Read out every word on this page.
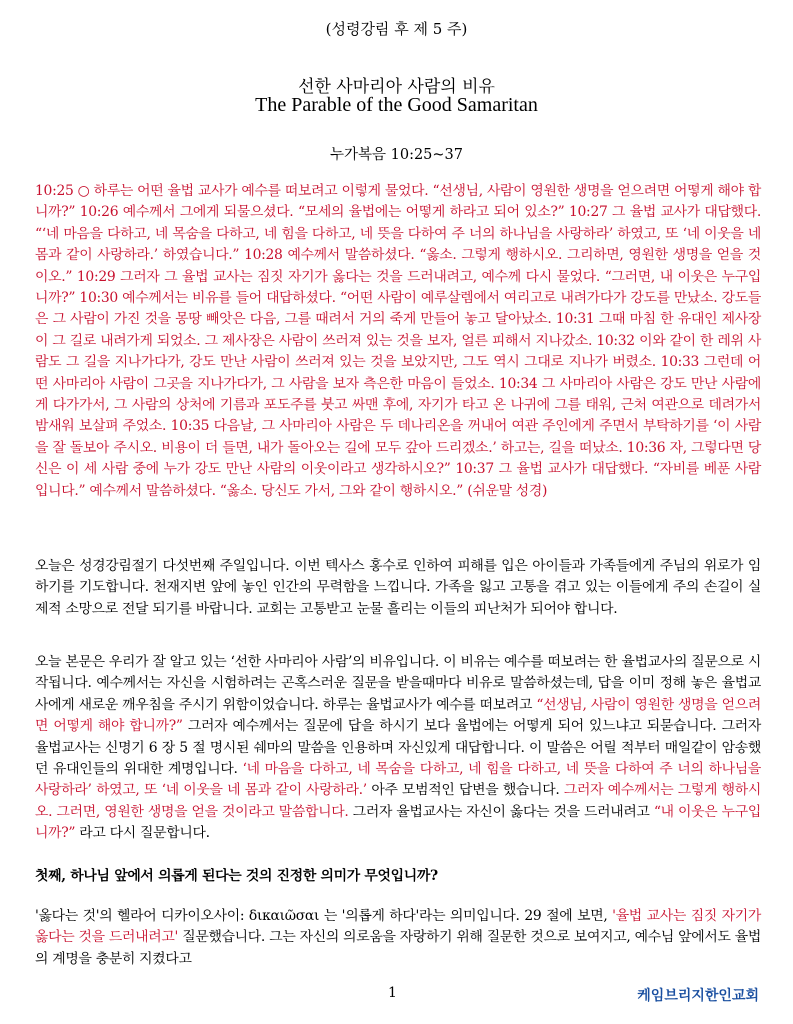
(성령강림 후 제 5 주)
선한 사마리아 사람의 비유
The Parable of the Good Samaritan
누가복음 10:25~37
10:25 ○ 하루는 어떤 율법 교사가 예수를 떠보려고 이렇게 물었다. “선생님, 사람이 영원한 생명을 얻으려면 어떻게 해야 합니까?” 10:26 예수께서 그에게 되물으셨다. “모세의 율법에는 어떻게 하라고 되어 있소?” 10:27 그 율법 교사가 대답했다. “‘네 마음을 다하고, 네 목숨을 다하고, 네 힘을 다하고, 네 뜻을 다하여 주 너의 하나님을 사랑하라’ 하였고, 또 ‘네 이웃을 네 몸과 같이 사랑하라.’ 하였습니다.” 10:28 예수께서 말씀하셨다. “옳소. 그렇게 행하시오. 그리하면, 영원한 생명을 얻을 것이오.” 10:29 그러자 그 율법 교사는 짐짓 자기가 옳다는 것을 드러내려고, 예수께 다시 물었다. “그러면, 내 이웃은 누구입니까?” 10:30 예수께서는 비유를 들어 대답하셨다. “어떤 사람이 예루살렘에서 여리고로 내려가다가 강도를 만났소. 강도들은 그 사람이 가진 것을 몽땅 빼앗은 다음, 그를 때려서 거의 죽게 만들어 놓고 달아났소. 10:31 그때 마침 한 유대인 제사장이 그 길로 내려가게 되었소. 그 제사장은 사람이 쓰러져 있는 것을 보자, 얼른 피해서 지나갔소. 10:32 이와 같이 한 레위 사람도 그 길을 지나가다가, 강도 만난 사람이 쓰러져 있는 것을 보았지만, 그도 역시 그대로 지나가 버렸소. 10:33 그런데 어떤 사마리아 사람이 그곳을 지나가다가, 그 사람을 보자 측은한 마음이 들었소. 10:34 그 사마리아 사람은 강도 만난 사람에게 다가가서, 그 사람의 상처에 기름과 포도주를 붓고 싸맨 후에, 자기가 타고 온 나귀에 그를 태워, 근처 여관으로 데려가서 밤새워 보살펴 주었소. 10:35 다음날, 그 사마리아 사람은 두 데나리온을 꺼내어 여관 주인에게 주면서 부탁하기를 ‘이 사람을 잘 돌보아 주시오. 비용이 더 들면, 내가 돌아오는 길에 모두 갚아 드리겠소.’ 하고는, 길을 떠났소. 10:36 자, 그렇다면 당신은 이 세 사람 중에 누가 강도 만난 사람의 이웃이라고 생각하시오?” 10:37 그 율법 교사가 대답했다. “자비를 베푼 사람입니다.” 예수께서 말씀하셨다. “옳소. 당신도 가서, 그와 같이 행하시오.” (쉬운말 성경)
오늘은 성경강림절기 다섯번째 주일입니다. 이번 텍사스 홍수로 인하여 피해를 입은 아이들과 가족들에게 주님의 위로가 임하기를 기도합니다. 천재지변 앞에 놓인 인간의 무력함을 느낍니다. 가족을 잃고 고통을 겪고 있는 이들에게 주의 손길이 실제적 소망으로 전달 되기를 바랍니다. 교회는 고통받고 눈물 흘리는 이들의 피난처가 되어야 합니다.
오늘 본문은 우리가 잘 알고 있는 ‘선한 사마리아 사람’의 비유입니다. 이 비유는 예수를 떠보려는 한 율법교사의 질문으로 시작됩니다. 예수께서는 자신을 시험하려는 곤혹스러운 질문을 받을때마다 비유로 말씀하셨는데, 답을 이미 정해 놓은 율법교사에게 새로운 깨우침을 주시기 위함이었습니다. 하루는 율법교사가 예수를 떠보려고 “선생님, 사람이 영원한 생명을 얻으려면 어떻게 해야 합니까?” 그러자 예수께서는 질문에 답을 하시기 보다 율법에는 어떻게 되어 있느냐고 되묻습니다. 그러자 율법교사는 신명기 6 장 5 절 명시된 쉐마의 말씀을 인용하며 자신있게 대답합니다. 이 말씀은 어릴 적부터 매일같이 암송했던 유대인들의 위대한 계명입니다. ‘네 마음을 다하고, 네 목숨을 다하고, 네 힘을 다하고, 네 뜻을 다하여 주 너의 하나님을 사랑하라’ 하였고, 또 ‘네 이웃을 네 몸과 같이 사랑하라.’ 아주 모범적인 답변을 했습니다. 그러자 예수께서는 그렇게 행하시오. 그러면, 영원한 생명을 얻을 것이라고 말씀합니다. 그러자 율법교사는 자신이 옳다는 것을 드러내려고 “내 이웃은 누구입니까?” 라고 다시 질문합니다.
첫째, 하나님 앞에서 의롭게 된다는 것의 진정한 의미가 무엇입니까?
'옳다는 것'의 헬라어 디카이오사이: δικαιῶσαι 는 '의롭게 하다'라는 의미입니다. 29 절에 보면, '율법 교사는 짐짓 자기가 옳다는 것을 드러내려고' 질문했습니다. 그는 자신의 의로움을 자랑하기 위해 질문한 것으로 보여지고, 예수님 앞에서도 율법의 계명을 충분히 지켰다고
1	케임브리지한인교회
